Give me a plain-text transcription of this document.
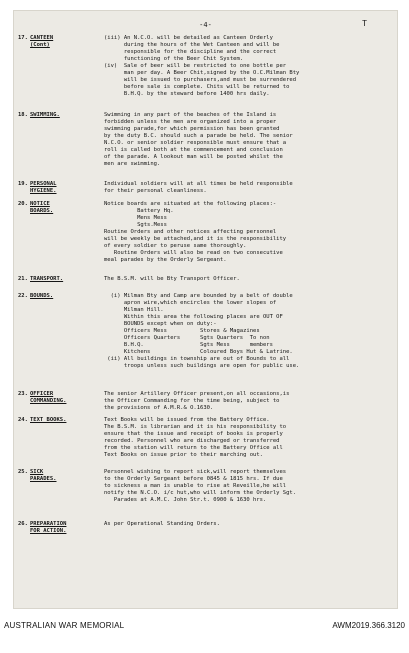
-4-	T
17. CANTEEN
(Cont)
(iii) An N.C.O. will be detailed as Canteen Orderly
during the hours of the Wet Canteen and will be
responsible for the discipline and the correct
functioning of the Beer Chit System.
(iv)  Sale of beer will be restricted to one bottle per
man per day. A Beer Chit,signed by the O.C.Milman Bty
will be issued to purchasers,and must be surrendered
before sale is complete. Chits will be returned to
B.H.Q. by the steward before 1400 hrs daily.
18. SWIMMING.	Swimming in any part of the beaches of the Island is
forbidden unless the men are organized into a proper
swimming parade,for which permission has been granted
by the duty B.C. should such a parade be held. The senior
N.C.O. or senior soldier responsible must ensure that a
roll is called both at the commencement and conclusion
of the parade. A lookout man will be posted whilst the
men are swimming.
19. PERSONAL
HYGIENE.
Individual soldiers will at all times be held responsible
for their personal cleanliness.
20. NOTICE
BOARDS.
Notice boards are situated at the following places:-
Battery Hq.
Mens Mess
Sgts.Mess
Routine Orders and other notices affecting personnel
will be weekly be attached,and it is the responsibility
of every soldier to peruse same thoroughly.
Routine Orders will also be read on two consecutive
meal parades by the Orderly Sergeant.
21. TRANSPORT.	The B.S.M. will be Bty Transport Officer.
22. BOUNDS.	(i) Milman Bty and Camp are bounded by a belt of double
apron wire,which encircles the lower slopes of
Milman Hill.
Within this area the following places are OUT OF
BOUNDS except when on duty:-
Officers Mess          Stores & Magazines
Officers Quarters      Sgts Quarters  To non
B.H.Q.                 Sgts Mess      members
Kitchens               Coloured Boys Hut & Latrine.
(ii) All buildings in township are out of Bounds to all
troops unless such buildings are open for public use.
23. OFFICER
COMMANDING.
The senior Artillery Officer present,on all occasions,is
the Officer Commanding for the time being, subject to
the provisions of A.M.R.& O.1630.
24. TEXT BOOKS.	Text Books will be issued from the Battery Office.
The B.S.M. is librarian and it is his responsibility to
ensure that the issue and receipt of books is properly
recorded. Personnel who are discharged or transferred
from the station will return to the Battery Office all
Text Books on issue prior to their marching out.
25. SICK
PARADES.
Personnel wishing to report sick,will report themselves
to the Orderly Sergeant before 0845 & 1815 hrs. If due
to sickness a man is unable to rise at Reveille,he will
notify the N.C.O. i/c hut,who will inform the Orderly Sgt.
Parades at A.M.C. John Str.t. 0900 & 1630 hrs.
26. PREPARATION
FOR ACTION.
As per Operational Standing Orders.
AUSTRALIAN WAR MEMORIAL	AWM2019.366.3120
